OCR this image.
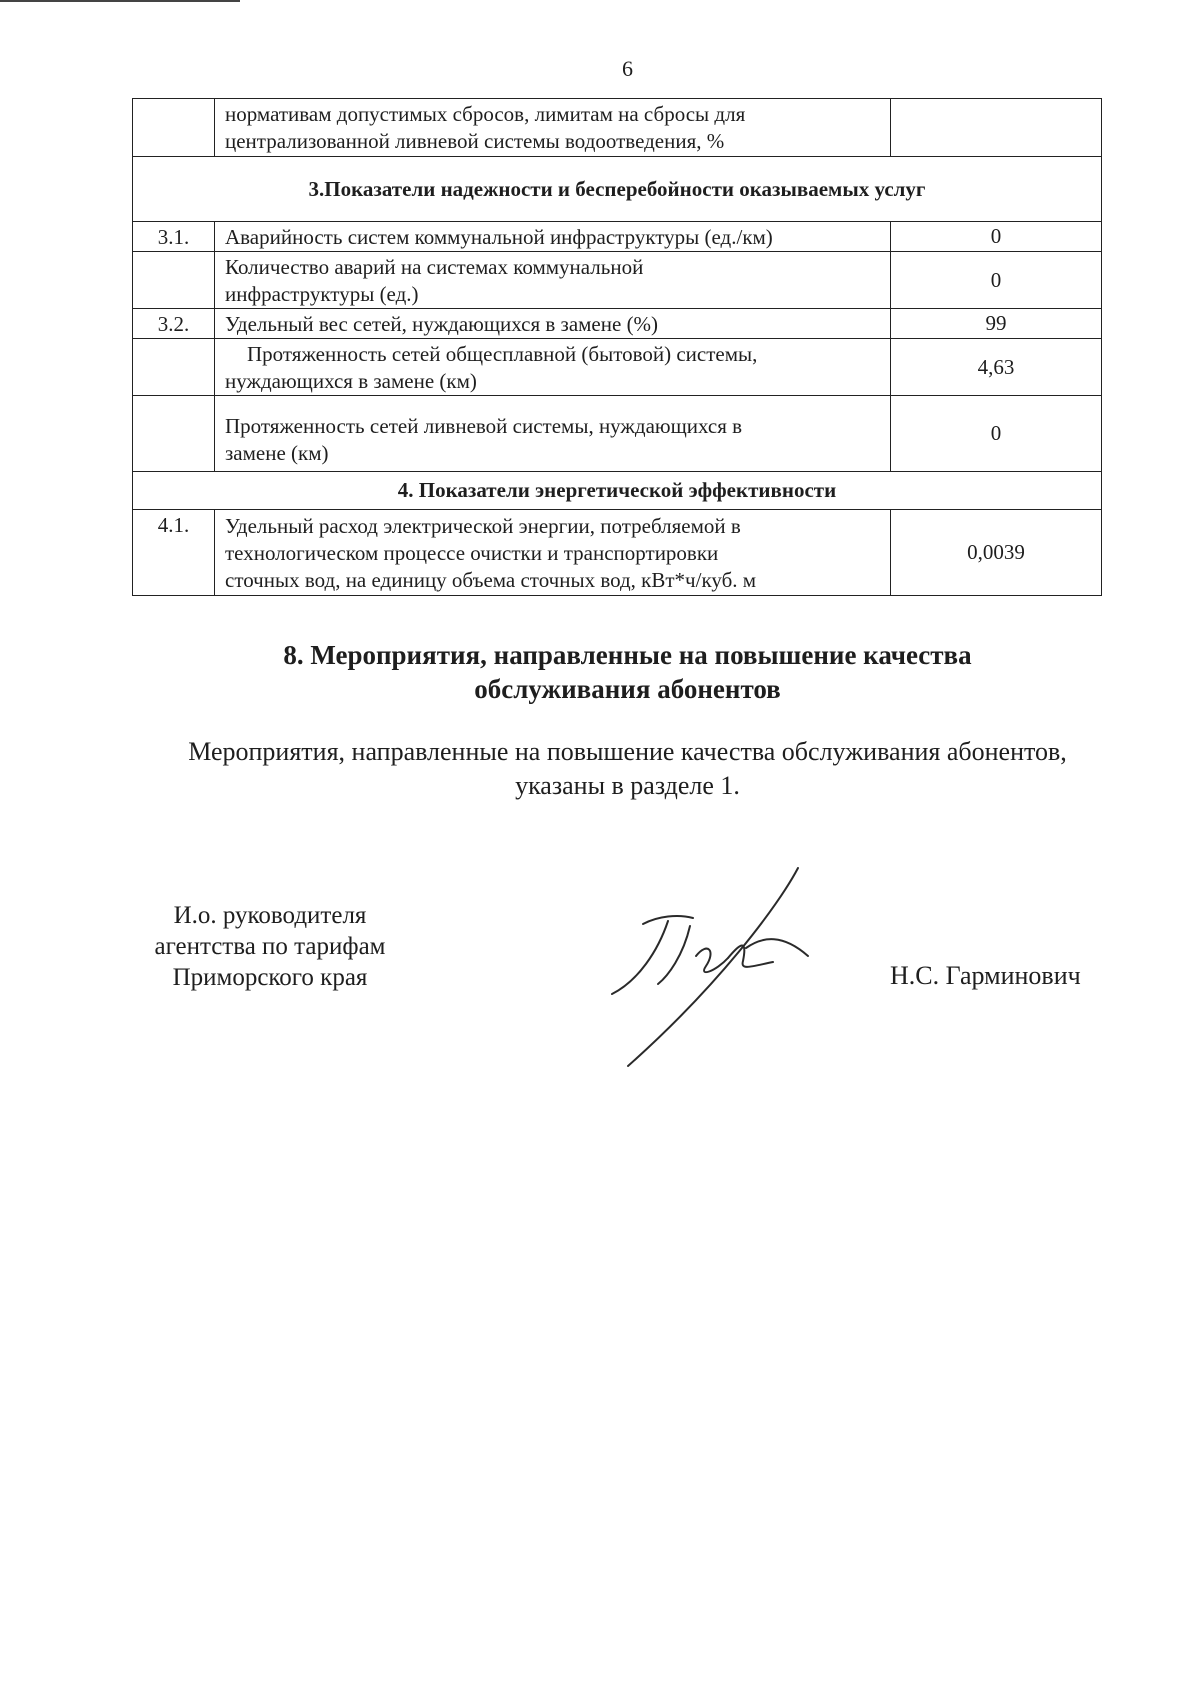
6

	нормативам допустимых сбросов, лимитам на сбросы для
централизованной ливневой системы водоотведения, %	

3.Показатели надежности и бесперебойности оказываемых услуг		
3.1.	Аварийность систем коммунальной инфраструктуры (ед./км)	0

	Количество аварий на системах коммунальной
инфраструктуры (ед.)	0
3.2.	Удельный вес сетей, нуждающихся в замене (%)	99

	Протяженность сетей общесплавной (бытовой) системы,
нуждающихся в замене (км)	4,63

	Протяженность сетей ливневой системы, нуждающихся в
замене (км)	0
4. Показатели энергетической эффективности		
4.1.	Удельный расход электрической энергии, потребляемой в
технологическом процессе очистки и транспортировки
сточных вод, на единицу объема сточных вод, кВт*ч/куб. м	0,0039
8. Мероприятия, направленные на повышение качества
обслуживания абонентов
Мероприятия, направленные на повышение качества обслуживания абонентов,
указаны в разделе 1.
И.о. руководителя
агентства по тарифам
Приморского края	Н.С. Гарминович
